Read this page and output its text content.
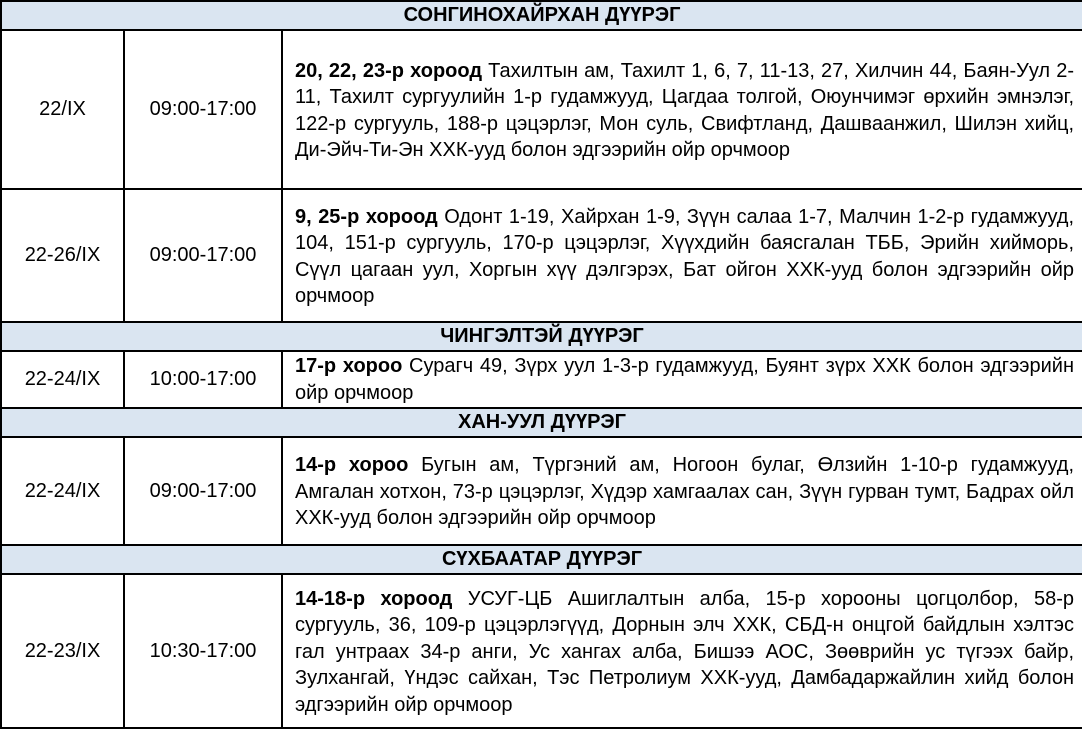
СОНГИНОХАЙРХАН ДҮҮРЭГ		
22/IX	09:00-17:00	20, 22, 23-р хороод Тахилтын ам, Тахилт 1, 6, 7, 11-13, 27, Хилчин 44, Баян-Уул 2-11, Тахилт сургуулийн 1-р гудамжууд, Цагдаа толгой, Оюунчимэг өрхийн эмнэлэг, 122-р сургууль, 188-р цэцэрлэг, Мон суль, Свифтланд, Дашваанжил, Шилэн хийц, Ди-Эйч-Ти-Эн ХХК-ууд болон эдгээрийн ойр орчмоор
22-26/IX	09:00-17:00	9, 25-р хороод Одонт 1-19, Хайрхан 1-9, Зүүн салаа 1-7, Малчин 1-2-р гудамжууд, 104, 151-р сургууль, 170-р цэцэрлэг, Хүүхдийн баясгалан ТББ, Эрийн хийморь, Сүүл цагаан уул, Хоргын хүү дэлгэрэх, Бат ойгон ХХК-ууд болон эдгээрийн ойр орчмоор
ЧИНГЭЛТЭЙ ДҮҮРЭГ		
22-24/IX	10:00-17:00	17-р хороо Сурагч 49, Зүрх уул 1-3-р гудамжууд, Буянт зүрх ХХК болон эдгээрийн ойр орчмоор
ХАН-УУЛ ДҮҮРЭГ		
22-24/IX	09:00-17:00	14-р хороо Бугын ам, Түргэний ам, Ногоон булаг, Өлзийн 1-10-р гудамжууд, Амгалан хотхон, 73-р цэцэрлэг, Хүдэр хамгаалах сан, Зүүн гурван тумт, Бадрах ойл ХХК-ууд болон эдгээрийн ойр орчмоор
СҮХБААТАР ДҮҮРЭГ		
22-23/IX	10:30-17:00	14-18-р хороод УСУГ-ЦБ Ашиглалтын алба, 15-р хорооны цогцолбор, 58-р сургууль, 36, 109-р цэцэрлэгүүд, Дорнын элч ХХК, СБД-н онцгой байдлын хэлтэс гал унтраах 34-р анги, Ус хангах алба, Бишээ АОС, Зөөврийн ус түгээх байр, Зулхангай, Үндэс сайхан, Тэс Петролиум ХХК-ууд, Дамбадаржайлин хийд болон эдгээрийн ойр орчмоор
